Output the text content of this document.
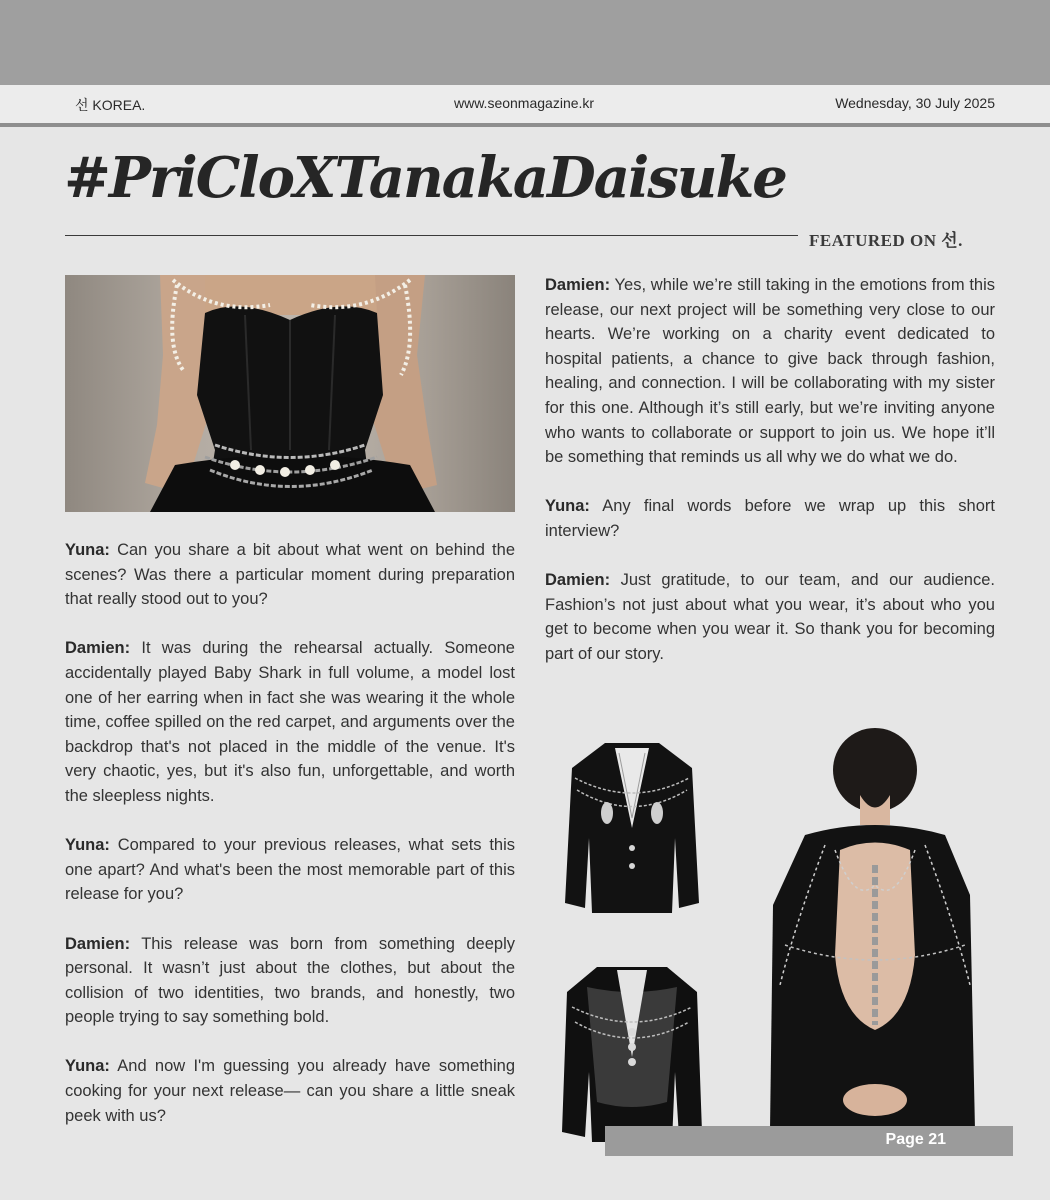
선 KOREA.	www.seonmagazine.kr	Wednesday, 30 July 2025
#PriCloXTanakaDaisuke
FEATURED ON 선.

Yuna: Can you share a bit about what went on behind the scenes? Was there a particular moment during preparation that really stood out to you?

Damien: It was during the rehearsal actually. Someone accidentally played Baby Shark in full volume, a model lost one of her earring when in fact she was wearing it the whole time, coffee spilled on the red carpet, and arguments over the backdrop that's not placed in the middle of the venue. It's very chaotic, yes, but it's also fun, unforgettable, and worth the sleepless nights.

Yuna: Compared to your previous releases, what sets this one apart? And what's been the most memorable part of this release for you?

Damien: This release was born from something deeply personal. It wasn’t just about the clothes, but about the collision of two identities, two brands, and honestly, two people trying to say something bold.

Yuna: And now I'm guessing you already have something cooking for your next release— can you share a little sneak peek with us?

Damien: Yes, while we’re still taking in the emotions from this release, our next project will be something very close to our hearts. We’re working on a charity event dedicated to hospital patients, a chance to give back through fashion, healing, and connection. I will be collaborating with my sister for this one. Although it’s still early, but we’re inviting anyone who wants to collaborate or support to join us. We hope it’ll be something that reminds us all why we do what we do.

Yuna: Any final words before we wrap up this short interview?

Damien: Just gratitude, to our team, and our audience. Fashion’s not just about what you wear, it’s about who you get to become when you wear it. So thank you for becoming part of our story.

Page 21
